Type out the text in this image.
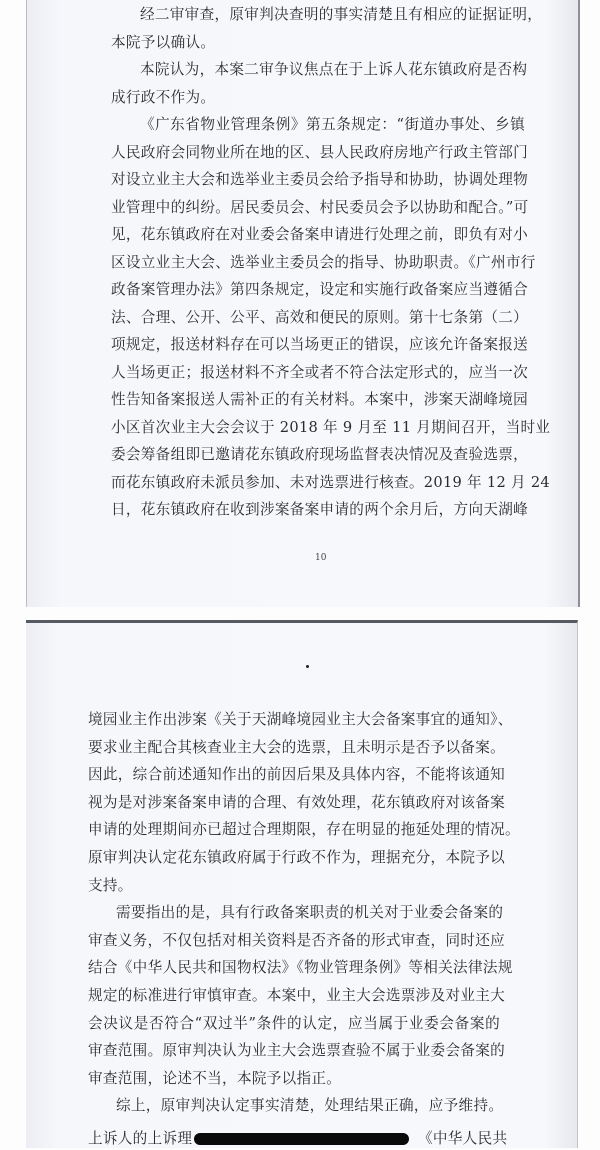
经二审审查，原审判决查明的事实清楚且有相应的证据证明，
本院予以确认。
本院认为，本案二审争议焦点在于上诉人花东镇政府是否构
成行政不作为。
《广东省物业管理条例》第五条规定：“街道办事处、乡镇
人民政府会同物业所在地的区、县人民政府房地产行政主管部门
对设立业主大会和选举业主委员会给予指导和协助，协调处理物
业管理中的纠纷。居民委员会、村民委员会予以协助和配合。”可
见，花东镇政府在对业委会备案申请进行处理之前，即负有对小
区设立业主大会、选举业主委员会的指导、协助职责。《广州市行
政备案管理办法》第四条规定，设定和实施行政备案应当遵循合
法、合理、公开、公平、高效和便民的原则。第十七条第（二）
项规定，报送材料存在可以当场更正的错误，应该允许备案报送
人当场更正；报送材料不齐全或者不符合法定形式的，应当一次
性告知备案报送人需补正的有关材料。本案中，涉案天湖峰境园
小区首次业主大会会议于 2018 年 9 月至 11 月期间召开，当时业
委会筹备组即已邀请花东镇政府现场监督表决情况及查验选票，
而花东镇政府未派员参加、未对选票进行核查。2019 年 12 月 24
日，花东镇政府在收到涉案备案申请的两个余月后，方向天湖峰
10
境园业主作出涉案《关于天湖峰境园业主大会备案事宜的通知》、
要求业主配合其核查业主大会的选票，且未明示是否予以备案。
因此，综合前述通知作出的前因后果及具体内容，不能将该通知
视为是对涉案备案申请的合理、有效处理，花东镇政府对该备案
申请的处理期间亦已超过合理期限，存在明显的拖延处理的情况。
原审判决认定花东镇政府属于行政不作为，理据充分，本院予以
支持。
需要指出的是，具有行政备案职责的机关对于业委会备案的
审查义务，不仅包括对相关资料是否齐备的形式审查，同时还应
结合《中华人民共和国物权法》《物业管理条例》等相关法律法规
规定的标准进行审慎审查。本案中，业主大会选票涉及对业主大
会决议是否符合“双过半”条件的认定，应当属于业委会备案的
审查范围。原审判决认为业主大会选票查验不属于业委会备案的
审查范围，论述不当，本院予以指正。
综上，原审判决认定事实清楚，处理结果正确，应予维持。
上诉人的上诉理	《中华人民共
